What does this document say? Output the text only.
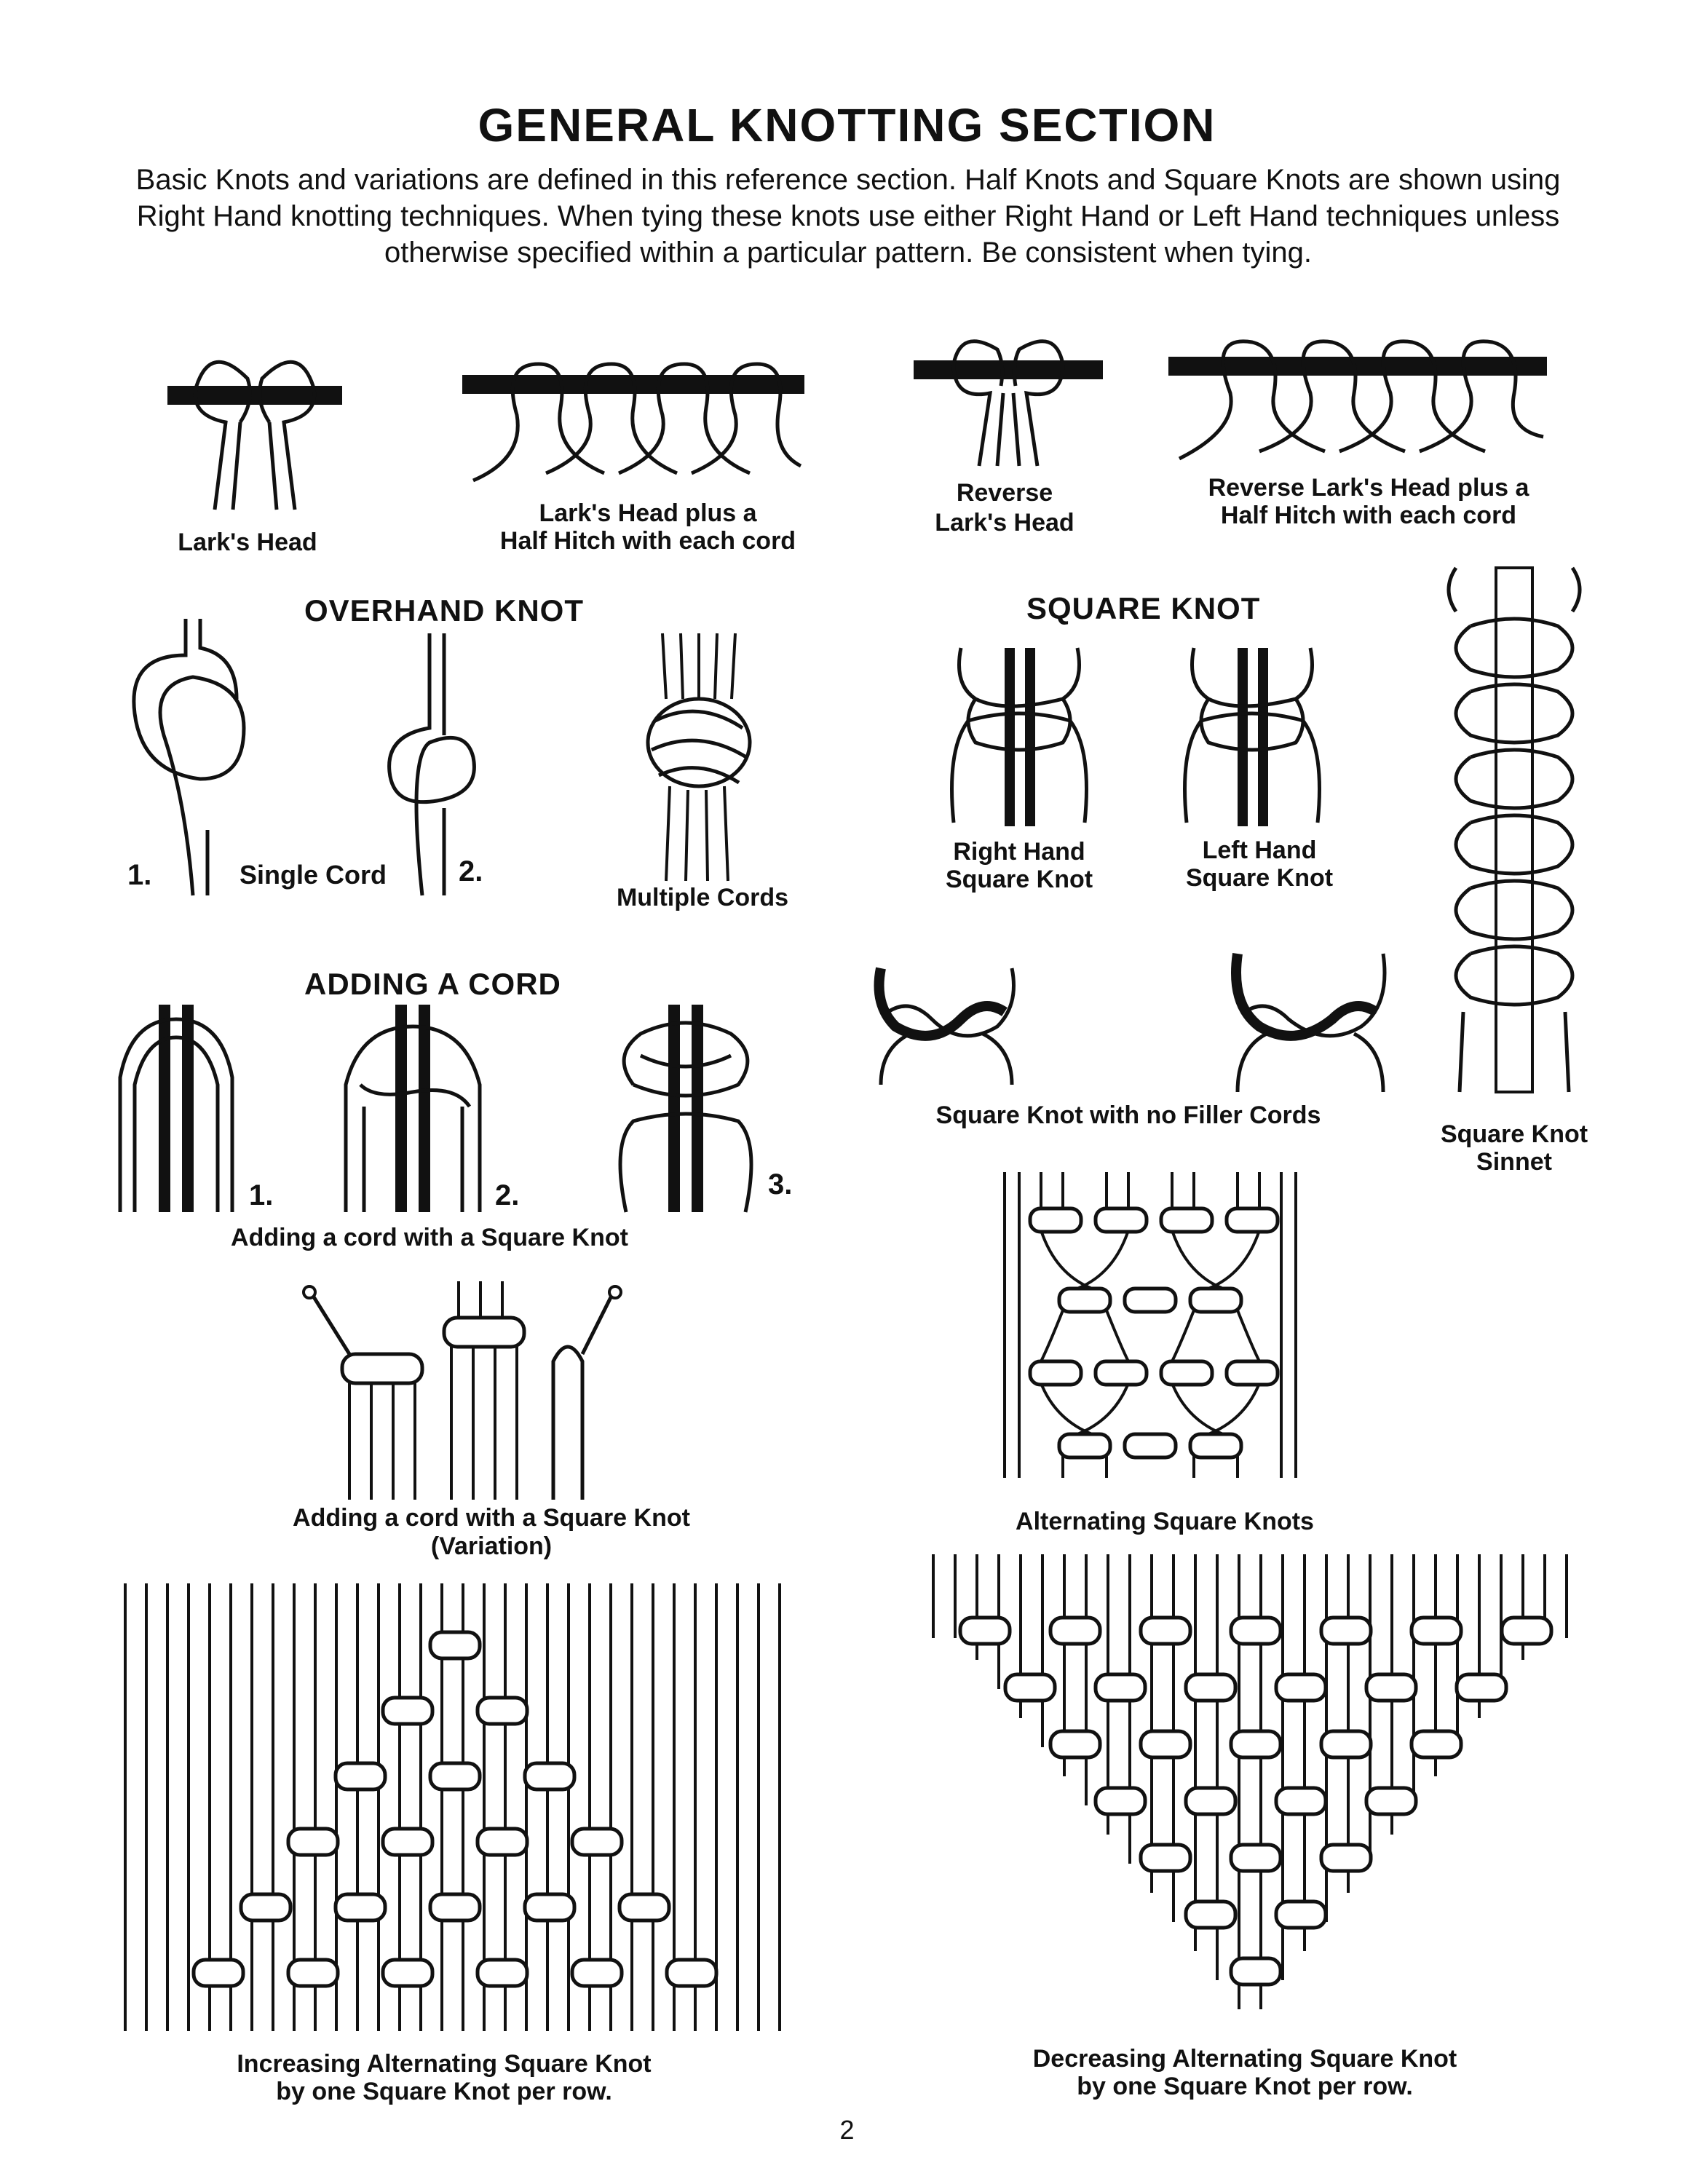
GENERAL KNOTTING SECTION
Basic Knots and variations are defined in this reference section. Half Knots and Square Knots are shown using Right Hand knotting techniques. When tying these knots use either Right Hand or Left Hand techniques unless otherwise specified within a particular pattern. Be consistent when tying.
Lark's Head
Lark's Head plus a
Half Hitch with each cord
Reverse
Lark's Head
Reverse Lark's Head plus a
Half Hitch with each cord
OVERHAND KNOT
1.	Single Cord	2.
Multiple Cords
SQUARE KNOT
Right Hand
Square Knot
Left Hand
Square Knot
Square Knot with no Filler Cords
Square Knot
Sinnet
ADDING A CORD
1.	2.	3.
Adding a cord with a Square Knot
Adding a cord with a Square Knot
(Variation)
Alternating Square Knots
Increasing Alternating Square Knot
by one Square Knot per row.
Decreasing Alternating Square Knot
by one Square Knot per row.
2
